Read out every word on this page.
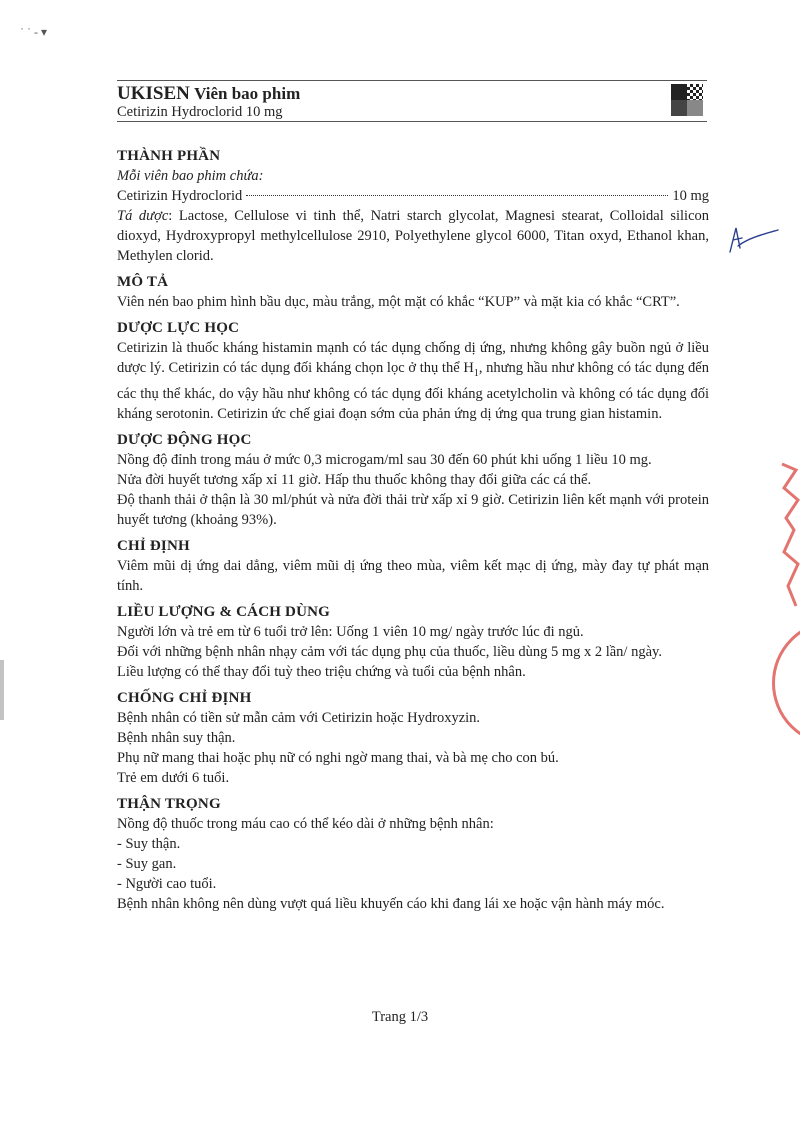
˙ ˙ ‑ ▾
UKISEN Viên bao phim
Cetirizin Hydroclorid 10 mg
THÀNH PHẦN

Mỗi viên bao phim chứa:

Cetirizin Hydroclorid	10 mg

Tá dược: Lactose, Cellulose vi tinh thể, Natri starch glycolat, Magnesi stearat, Colloidal silicon dioxyd, Hydroxypropyl methylcellulose 2910, Polyethylene glycol 6000, Titan oxyd, Ethanol khan, Methylen clorid.

MÔ TẢ

Viên nén bao phim hình bầu dục, màu trắng, một mặt có khắc “KUP” và mặt kia có khắc “CRT”.

DƯỢC LỰC HỌC

Cetirizin là thuốc kháng histamin mạnh có tác dụng chống dị ứng, nhưng không gây buồn ngủ ở liều dược lý. Cetirizin có tác dụng đối kháng chọn lọc ở thụ thể $H_1$, nhưng hầu như không có tác dụng đến các thụ thể khác, do vậy hầu như không có tác dụng đối kháng acetylcholin và không có tác dụng đối kháng serotonin. Cetirizin ức chế giai đoạn sớm của phản ứng dị ứng qua trung gian histamin.

DƯỢC ĐỘNG HỌC

Nồng độ đỉnh trong máu ở mức 0,3 microgam/ml sau 30 đến 60 phút khi uống 1 liều 10 mg.

Nửa đời huyết tương xấp xỉ 11 giờ. Hấp thu thuốc không thay đổi giữa các cá thể.

Độ thanh thải ở thận là 30 ml/phút và nửa đời thải trừ xấp xỉ 9 giờ. Cetirizin liên kết mạnh với protein huyết tương (khoảng 93%).

CHỈ ĐỊNH

Viêm mũi dị ứng dai dẳng, viêm mũi dị ứng theo mùa, viêm kết mạc dị ứng, mày đay tự phát mạn tính.

LIỀU LƯỢNG & CÁCH DÙNG

Người lớn và trẻ em từ 6 tuổi trở lên: Uống 1 viên 10 mg/ ngày trước lúc đi ngủ.

Đối với những bệnh nhân nhạy cảm với tác dụng phụ của thuốc, liều dùng 5 mg x 2 lần/ ngày.

Liều lượng có thể thay đổi tuỳ theo triệu chứng và tuổi của bệnh nhân.

CHỐNG CHỈ ĐỊNH

Bệnh nhân có tiền sử mẫn cảm với Cetirizin hoặc Hydroxyzin.

Bệnh nhân suy thận.

Phụ nữ mang thai hoặc phụ nữ có nghi ngờ mang thai, và bà mẹ cho con bú.

Trẻ em dưới 6 tuổi.

THẬN TRỌNG

Nồng độ thuốc trong máu cao có thể kéo dài ở những bệnh nhân:

- Suy thận.

- Suy gan.

- Người cao tuổi.

Bệnh nhân không nên dùng vượt quá liều khuyến cáo khi đang lái xe hoặc vận hành máy móc.

Trang 1/3
